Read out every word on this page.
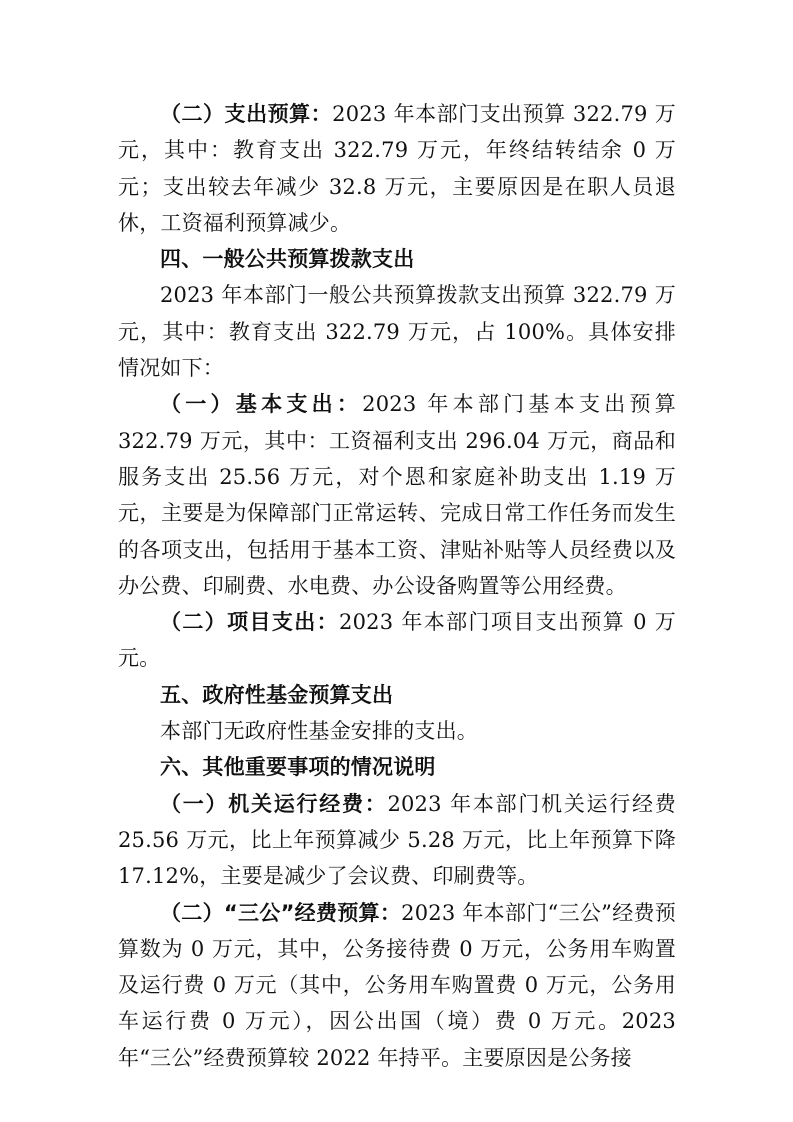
（二）支出预算：2023 年本部门支出预算 322.79 万元，其中：教育支出 322.79 万元，年终结转结余 0 万元；支出较去年减少 32.8 万元，主要原因是在职人员退休，工资福利预算减少。

四、一般公共预算拨款支出

2023 年本部门一般公共预算拨款支出预算 322.79 万元，其中：教育支出 322.79 万元，占 100%。具体安排情况如下：

（一）基本支出：2023 年本部门基本支出预算 322.79 万元，其中：工资福利支出 296.04 万元，商品和服务支出 25.56 万元，对个恩和家庭补助支出 1.19 万元，主要是为保障部门正常运转、完成日常工作任务而发生的各项支出，包括用于基本工资、津贴补贴等人员经费以及办公费、印刷费、水电费、办公设备购置等公用经费。

（二）项目支出：2023 年本部门项目支出预算 0 万元。

五、政府性基金预算支出

本部门无政府性基金安排的支出。

六、其他重要事项的情况说明

（一）机关运行经费：2023 年本部门机关运行经费 25.56 万元，比上年预算减少 5.28 万元，比上年预算下降 17.12%，主要是减少了会议费、印刷费等。

（二）“三公”经费预算：2023 年本部门“三公”经费预算数为 0 万元，其中，公务接待费 0 万元，公务用车购置及运行费 0 万元（其中，公务用车购置费 0 万元，公务用车运行费 0 万元），因公出国（境）费 0 万元。2023 年“三公”经费预算较 2022 年持平。主要原因是公务接
